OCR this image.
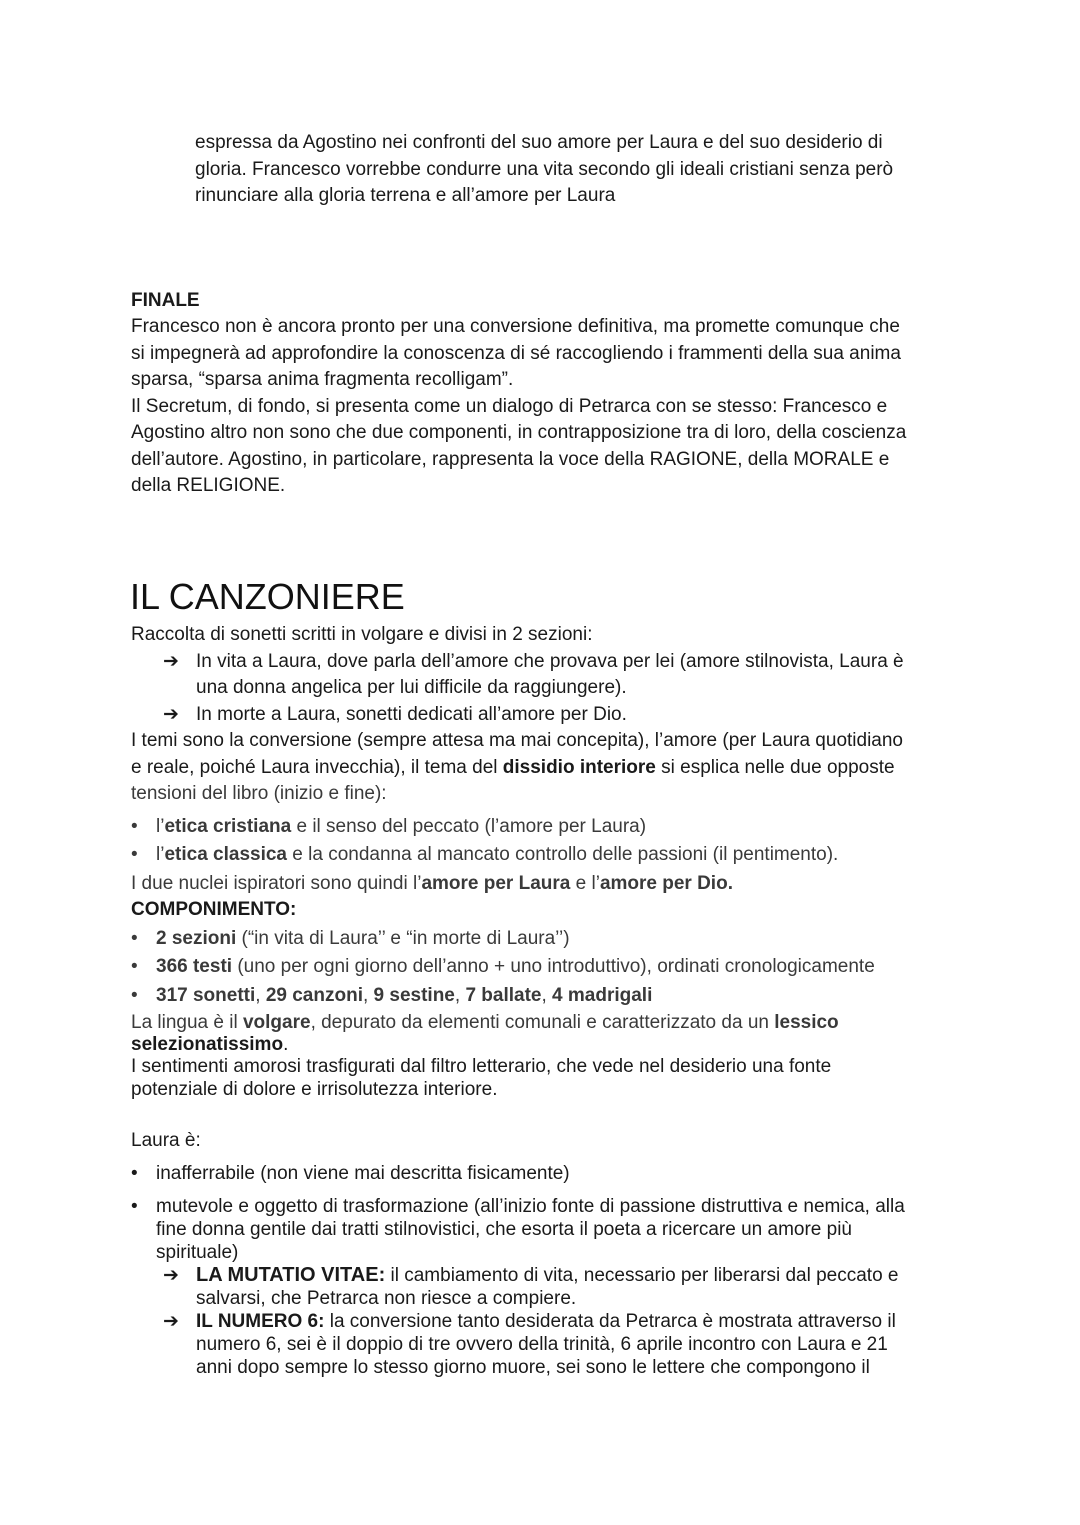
espressa da Agostino nei confronti del suo amore per Laura e del suo desiderio di

gloria. Francesco vorrebbe condurre una vita secondo gli ideali cristiani senza però

rinunciare alla gloria terrena e all’amore per Laura

FINALE

Francesco non è ancora pronto per una conversione definitiva, ma promette comunque che

si impegnerà ad approfondire la conoscenza di sé raccogliendo i frammenti della sua anima

sparsa, “sparsa anima fragmenta recolligam”.

Il Secretum, di fondo, si presenta come un dialogo di Petrarca con se stesso: Francesco e

Agostino altro non sono che due componenti, in contrapposizione tra di loro, della coscienza

dell’autore. Agostino, in particolare, rappresenta la voce della RAGIONE, della MORALE e

della RELIGIONE.

IL CANZONIERE

Raccolta di sonetti scritti in volgare e divisi in 2 sezioni:

➔ In vita a Laura, dove parla dell’amore che provava per lei (amore stilnovista, Laura è

una donna angelica per lui difficile da raggiungere).

➔ In morte a Laura, sonetti dedicati all’amore per Dio.

I temi sono la conversione (sempre attesa ma mai concepita), l’amore (per Laura quotidiano

e reale, poiché Laura invecchia), il tema del dissidio interiore si esplica nelle due opposte

tensioni del libro (inizio e fine):

• l’etica cristiana e il senso del peccato (l’amore per Laura)
• l’etica classica e la condanna al mancato controllo delle passioni (il pentimento).

I due nuclei ispiratori sono quindi l’amore per Laura e l’amore per Dio.

COMPONIMENTO:

• 2 sezioni (“in vita di Laura’’ e “in morte di Laura’’)
• 366 testi (uno per ogni giorno dell’anno + uno introduttivo), ordinati cronologicamente
• 317 sonetti, 29 canzoni, 9 sestine, 7 ballate, 4 madrigali

La lingua è il volgare, depurato da elementi comunali e caratterizzato da un lessico

selezionatissimo.

I sentimenti amorosi trasfigurati dal filtro letterario, che vede nel desiderio una fonte

potenziale di dolore e irrisolutezza interiore.

Laura è:

• inafferrabile (non viene mai descritta fisicamente)
• mutevole e oggetto di trasformazione (all’inizio fonte di passione distruttiva e nemica, alla
fine donna gentile dai tratti stilnovistici, che esorta il poeta a ricercare un amore più
spirituale)
➔ LA MUTATIO VITAE: il cambiamento di vita, necessario per liberarsi dal peccato e

salvarsi, che Petrarca non riesce a compiere.

➔ IL NUMERO 6: la conversione tanto desiderata da Petrarca è mostrata attraverso il

numero 6, sei è il doppio di tre ovvero della trinità, 6 aprile incontro con Laura e 21

anni dopo sempre lo stesso giorno muore, sei sono le lettere che compongono il
